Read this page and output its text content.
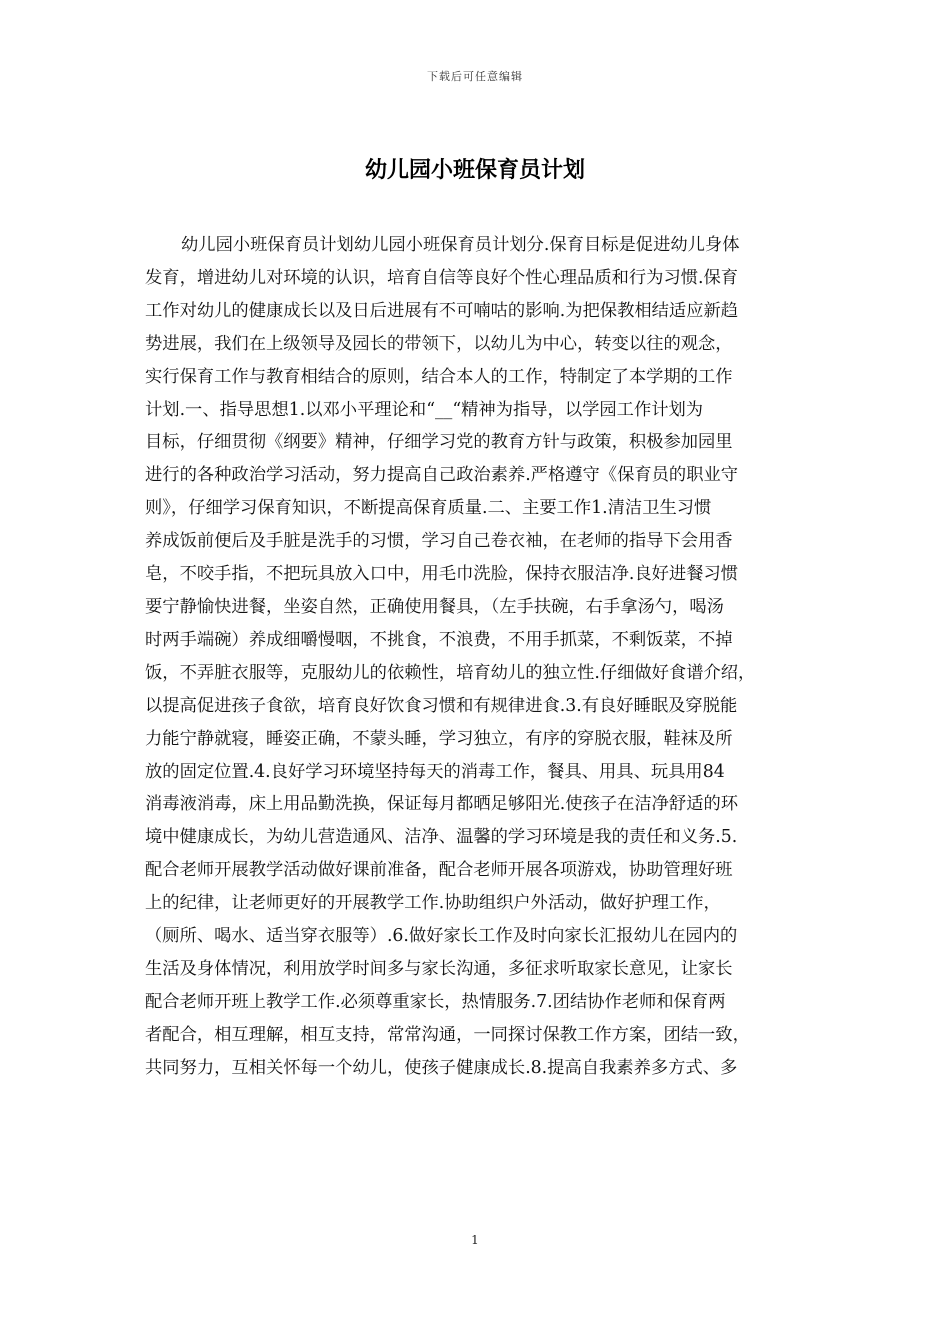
下载后可任意编辑
幼儿园小班保育员计划
幼儿园小班保育员计划幼儿园小班保育员计划分.保育目标是促进幼儿身体
发育，增进幼儿对环境的认识，培育自信等良好个性心理品质和行为习惯.保育
工作对幼儿的健康成长以及日后进展有不可喃咕的影响.为把保教相结适应新趋
势进展，我们在上级领导及园长的带领下，以幼儿为中心，转变以往的观念，
实行保育工作与教育相结合的原则，结合本人的工作，特制定了本学期的工作
计划.一、指导思想1.以邓小平理论和“__“精神为指导，以学园工作计划为
目标，仔细贯彻《纲要》精神，仔细学习党的教育方针与政策，积极参加园里
进行的各种政治学习活动，努力提高自己政治素养.严格遵守《保育员的职业守
则》，仔细学习保育知识，不断提高保育质量.二、主要工作1.清洁卫生习惯
养成饭前便后及手脏是洗手的习惯，学习自己卷衣袖，在老师的指导下会用香
皂，不咬手指，不把玩具放入口中，用毛巾洗脸，保持衣服洁净.良好进餐习惯
要宁静愉快进餐，坐姿自然，正确使用餐具，（左手扶碗，右手拿汤勺，喝汤
时两手端碗）养成细嚼慢咽，不挑食，不浪费，不用手抓菜，不剩饭菜，不掉
饭，不弄脏衣服等，克服幼儿的依赖性，培育幼儿的独立性.仔细做好食谱介绍，
以提高促进孩子食欲，培育良好饮食习惯和有规律进食.3.有良好睡眠及穿脱能
力能宁静就寝，睡姿正确，不蒙头睡，学习独立，有序的穿脱衣服，鞋袜及所
放的固定位置.4.良好学习环境坚持每天的消毒工作，餐具、用具、玩具用84
消毒液消毒，床上用品勤洗换，保证每月都晒足够阳光.使孩子在洁净舒适的环
境中健康成长，为幼儿营造通风、洁净、温馨的学习环境是我的责任和义务.5.
配合老师开展教学活动做好课前准备，配合老师开展各项游戏，协助管理好班
上的纪律，让老师更好的开展教学工作.协助组织户外活动，做好护理工作，
（厕所、喝水、适当穿衣服等）.6.做好家长工作及时向家长汇报幼儿在园内的
生活及身体情况，利用放学时间多与家长沟通，多征求听取家长意见，让家长
配合老师开班上教学工作.必须尊重家长，热情服务.7.团结协作老师和保育两
者配合，相互理解，相互支持，常常沟通，一同探讨保教工作方案，团结一致，
共同努力，互相关怀每一个幼儿，使孩子健康成长.8.提高自我素养多方式、多
1
